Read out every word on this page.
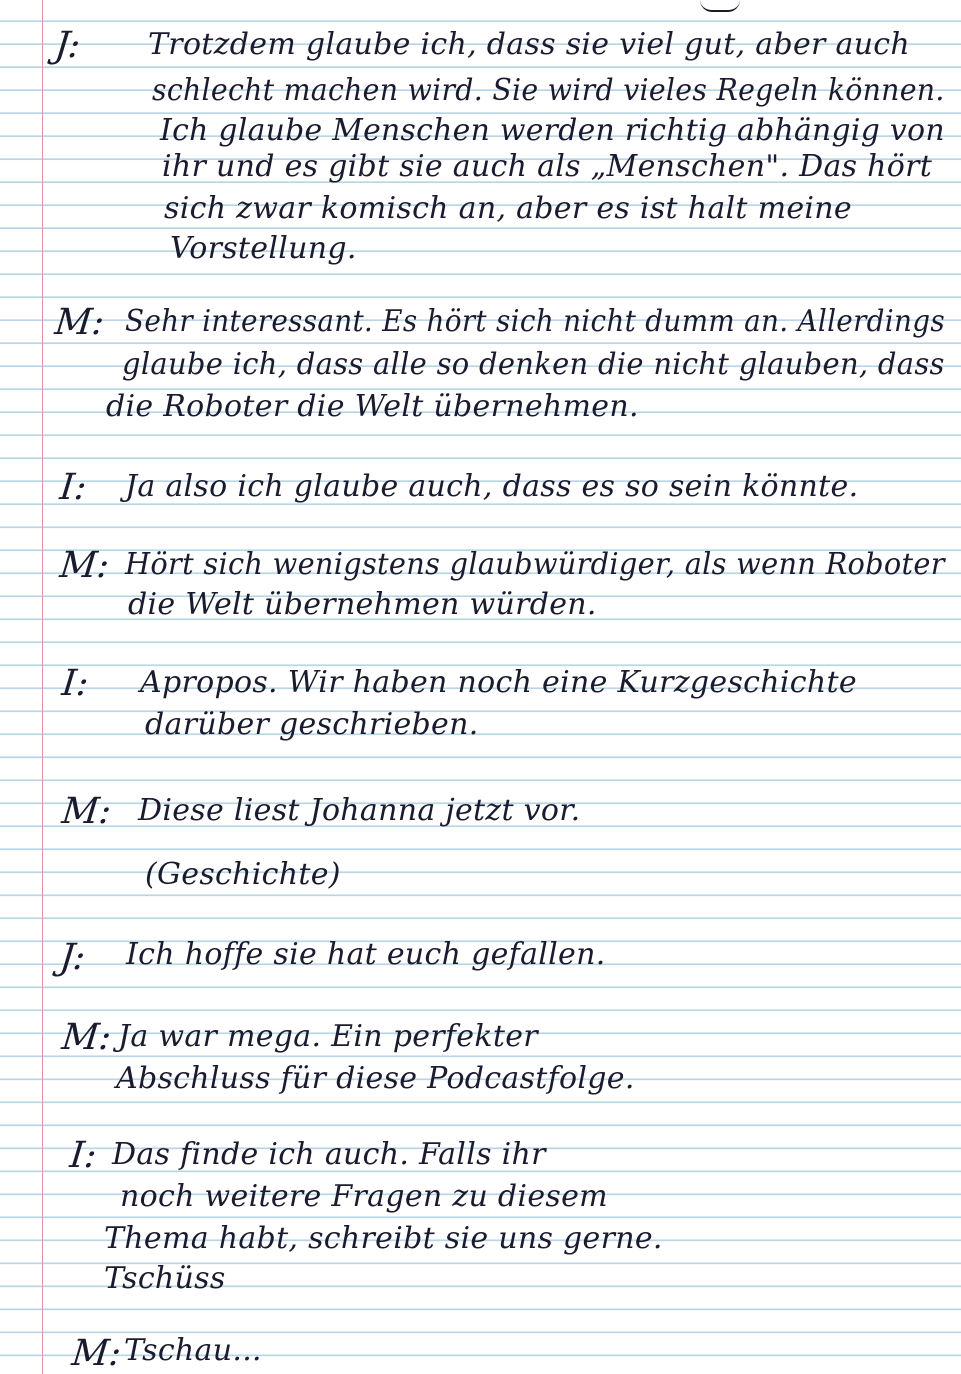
J: Trotzdem glaube ich, dass sie viel gut, aber auch
schlecht machen wird. Sie wird vieles Regeln können.
Ich glaube Menschen werden richtig abhängig von
ihr und es gibt sie auch als „Menschen". Das hört
sich zwar komisch an, aber es ist halt meine
Vorstellung.
M: Sehr interessant. Es hört sich nicht dumm an. Allerdings
glaube ich, dass alle so denken die nicht glauben, dass
die Roboter die Welt übernehmen.
I: Ja also ich glaube auch, dass es so sein könnte.
M: Hört sich wenigstens glaubwürdiger, als wenn Roboter
die Welt übernehmen würden.
I: Apropos. Wir haben noch eine Kurzgeschichte
darüber geschrieben.
M: Diese liest Johanna jetzt vor.
(Geschichte)
J: Ich hoffe sie hat euch gefallen.
M: Ja war mega. Ein perfekter
Abschluss für diese Podcastfolge.
I: Das finde ich auch. Falls ihr
noch weitere Fragen zu diesem
Thema habt, schreibt sie uns gerne.
Tschüss
M: Tschau...
